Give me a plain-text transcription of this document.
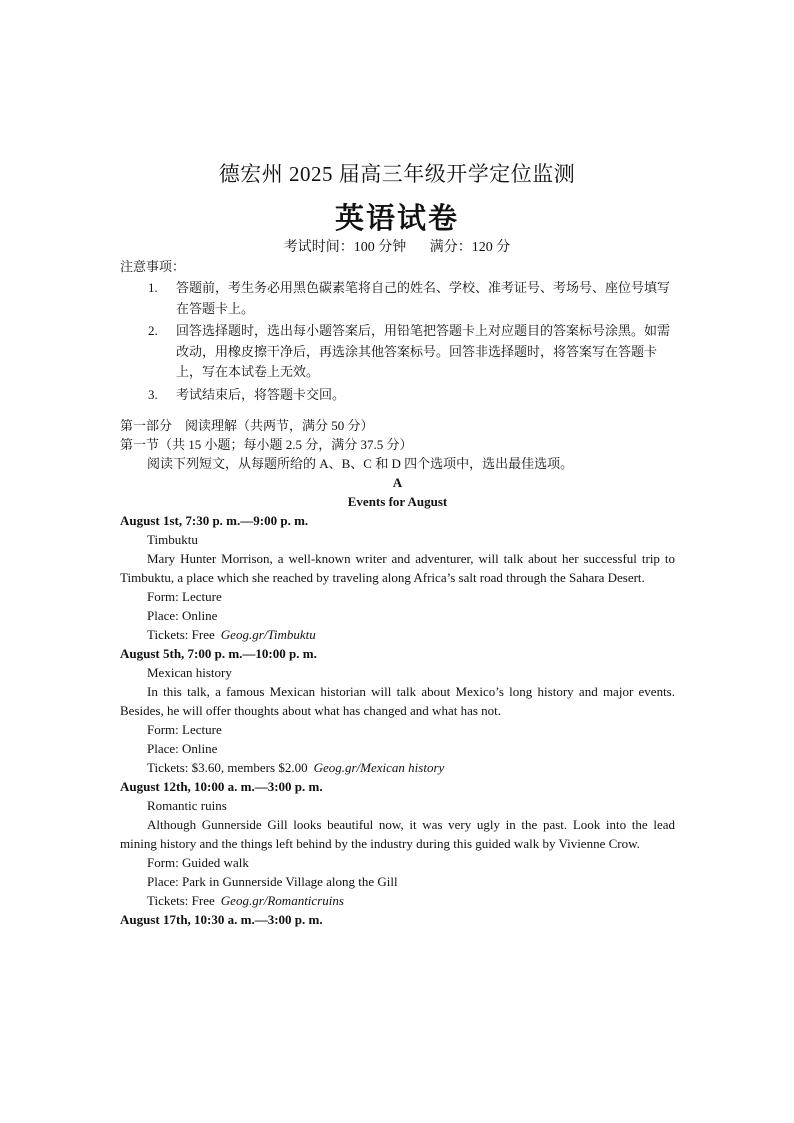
德宏州 2025 届高三年级开学定位监测
英语试卷
考试时间：100 分钟 满分：120 分
注意事项：
1.	答题前，考生务必用黑色碳素笔将自己的姓名、学校、准考证号、考场号、座位号填写在答题卡上。
2.	回答选择题时，选出每小题答案后，用铅笔把答题卡上对应题目的答案标号涂黑。如需改动，用橡皮擦干净后，再选涂其他答案标号。回答非选择题时，将答案写在答题卡上，写在本试卷上无效。
3.	考试结束后，将答题卡交回。
第一部分　阅读理解（共两节，满分 50 分）
第一节（共 15 小题；每小题 2.5 分，满分 37.5 分）
阅读下列短文，从每题所给的 A、B、C 和 D 四个选项中，选出最佳选项。
A
Events for August
August 1st, 7:30 p. m.—9:00 p. m.
Timbuktu
Mary Hunter Morrison, a well-known writer and adventurer, will talk about her successful trip to Timbuktu, a place which she reached by traveling along Africa’s salt road through the Sahara Desert.
Form: Lecture
Place: Online
Tickets: Free Geog.gr/Timbuktu
August 5th, 7:00 p. m.—10:00 p. m.
Mexican history
In this talk, a famous Mexican historian will talk about Mexico’s long history and major events. Besides, he will offer thoughts about what has changed and what has not.
Form: Lecture
Place: Online
Tickets: $3.60, members $2.00 Geog.gr/Mexican history
August 12th, 10:00 a. m.—3:00 p. m.
Romantic ruins
Although Gunnerside Gill looks beautiful now, it was very ugly in the past. Look into the lead mining history and the things left behind by the industry during this guided walk by Vivienne Crow.
Form: Guided walk
Place: Park in Gunnerside Village along the Gill
Tickets: Free Geog.gr/Romanticruins
August 17th, 10:30 a. m.—3:00 p. m.
